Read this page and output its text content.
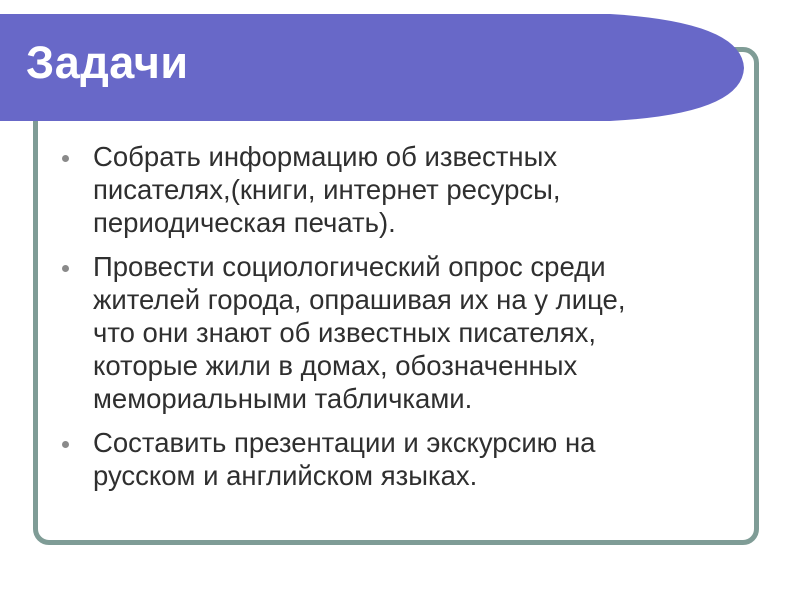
Задачи
Собрать информацию об известных
писателях,(книги, интернет ресурсы,
периодическая печать).
Провести социологический опрос среди
жителей города, опрашивая их на у лице,
что они знают об известных писателях,
которые жили в домах, обозначенных
мемориальными табличками.
Составить презентации и экскурсию на
русском и английском языках.
